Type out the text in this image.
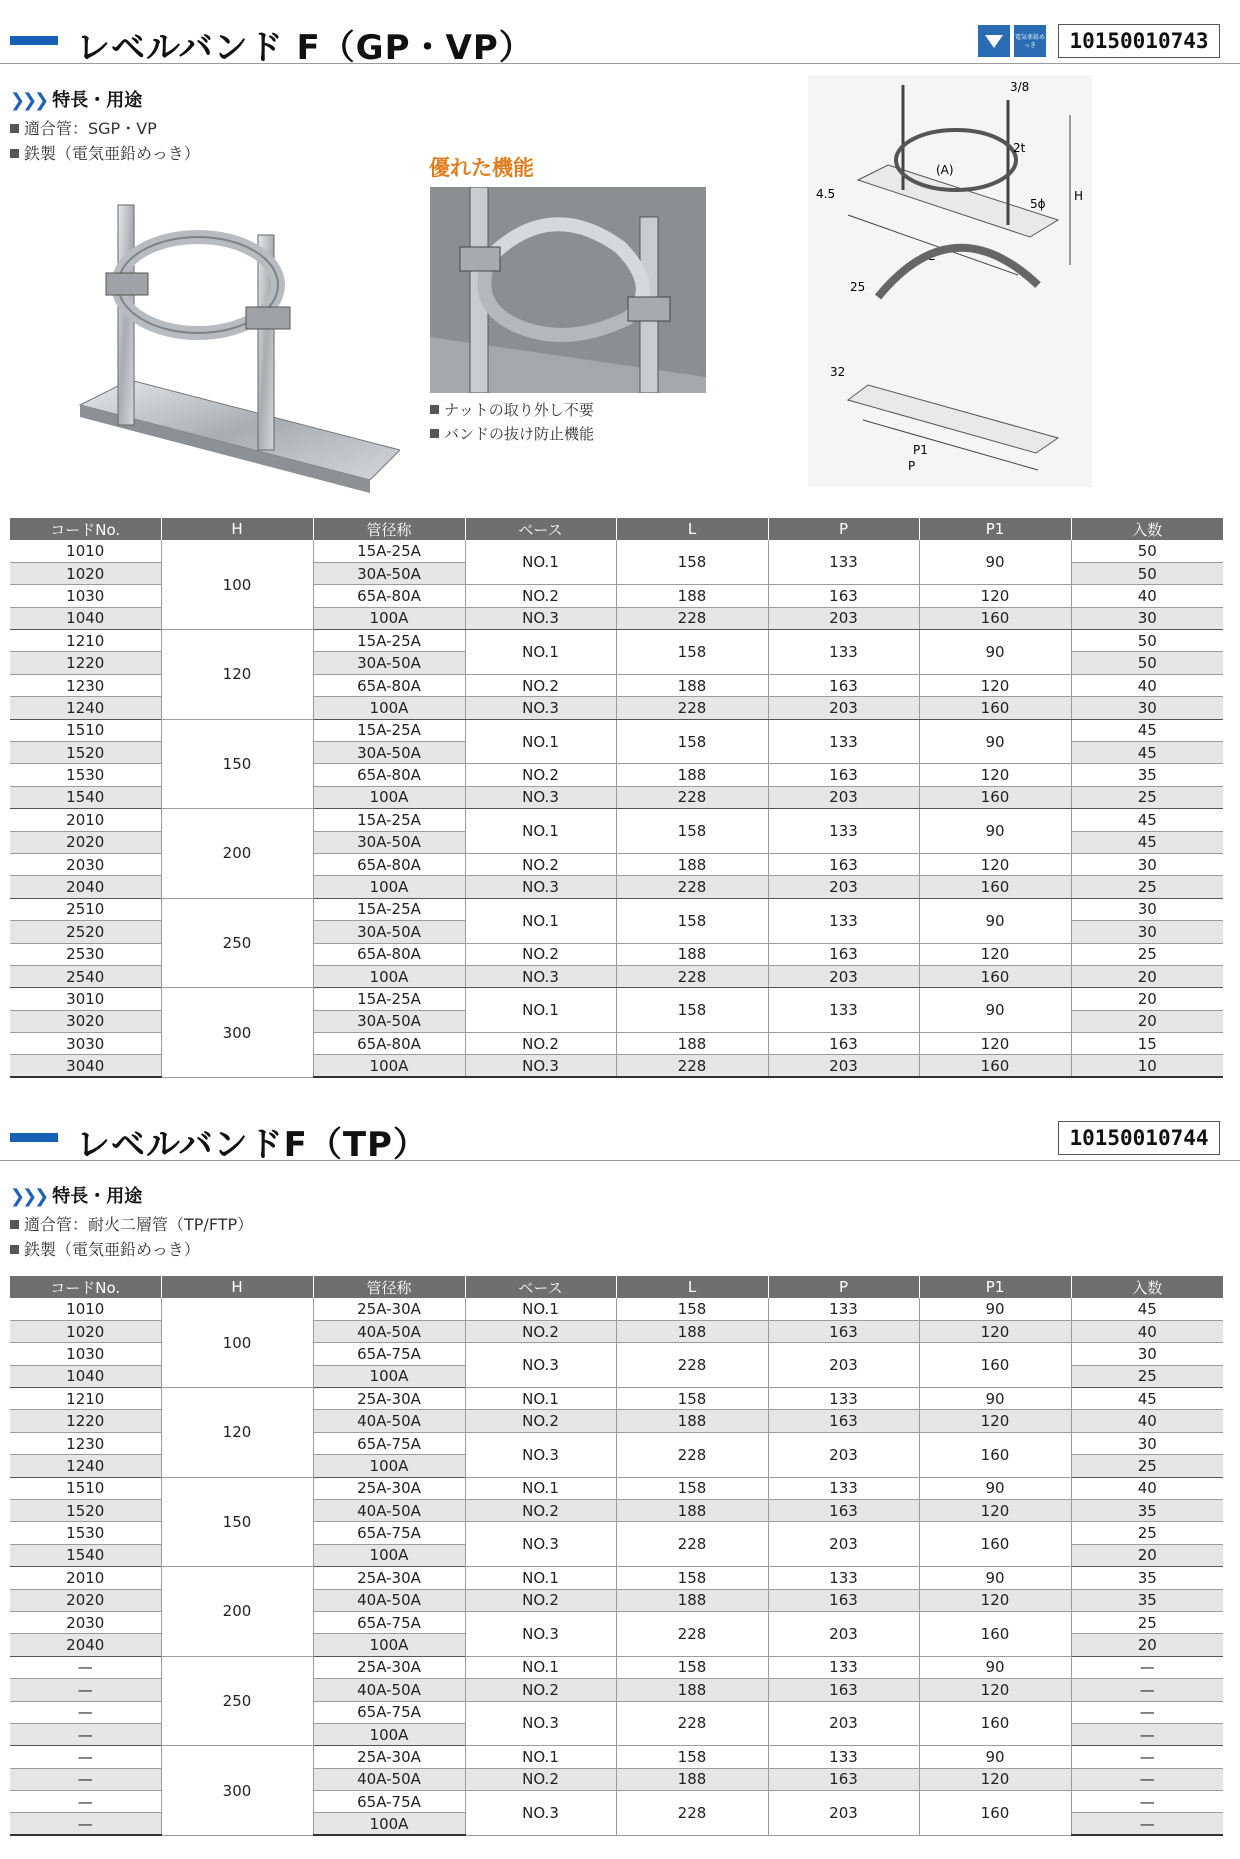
レベルバンド F（GP・VP）	電気亜鉛めっき	10150010743
❯❯❯ 特長・用途
適合管：SGP・VP
鉄製（電気亜鉛めっき）
優れた機能
ナットの取り外し不要
バンドの抜け防止機能
3/8
2t
(A)
4.5
5ϕ
H
L
25
32
P1
P
コードNo.	H	管径称	ベース	L	P	P1	入数
1010	100	15A-25A	NO.1	158	133	90	50
1020		30A-50A					50
1030		65A-80A	NO.2	188	163	120	40
1040		100A	NO.3	228	203	160	30
1210	120	15A-25A	NO.1	158	133	90	50
1220		30A-50A					50
1230		65A-80A	NO.2	188	163	120	40
1240		100A	NO.3	228	203	160	30
1510	150	15A-25A	NO.1	158	133	90	45
1520		30A-50A					45
1530		65A-80A	NO.2	188	163	120	35
1540		100A	NO.3	228	203	160	25
2010	200	15A-25A	NO.1	158	133	90	45
2020		30A-50A					45
2030		65A-80A	NO.2	188	163	120	30
2040		100A	NO.3	228	203	160	25
2510	250	15A-25A	NO.1	158	133	90	30
2520		30A-50A					30
2530		65A-80A	NO.2	188	163	120	25
2540		100A	NO.3	228	203	160	20
3010	300	15A-25A	NO.1	158	133	90	20
3020		30A-50A					20
3030		65A-80A	NO.2	188	163	120	15
3040		100A	NO.3	228	203	160	10
レベルバンドF（TP）	10150010744
❯❯❯ 特長・用途
適合管：耐火二層管（TP/FTP）
鉄製（電気亜鉛めっき）
コードNo.	H	管径称	ベース	L	P	P1	入数
1010	100	25A-30A	NO.1	158	133	90	45
1020		40A-50A	NO.2	188	163	120	40
1030		65A-75A	NO.3	228	203	160	30
1040		100A					25
1210	120	25A-30A	NO.1	158	133	90	45
1220		40A-50A	NO.2	188	163	120	40
1230		65A-75A	NO.3	228	203	160	30
1240		100A					25
1510	150	25A-30A	NO.1	158	133	90	40
1520		40A-50A	NO.2	188	163	120	35
1530		65A-75A	NO.3	228	203	160	25
1540		100A					20
2010	200	25A-30A	NO.1	158	133	90	35
2020		40A-50A	NO.2	188	163	120	35
2030		65A-75A	NO.3	228	203	160	25
2040		100A					20
—	250	25A-30A	NO.1	158	133	90	—
—		40A-50A	NO.2	188	163	120	—
—		65A-75A	NO.3	228	203	160	—
—		100A					—
—	300	25A-30A	NO.1	158	133	90	—
—		40A-50A	NO.2	188	163	120	—
—		65A-75A	NO.3	228	203	160	—
—		100A					—
